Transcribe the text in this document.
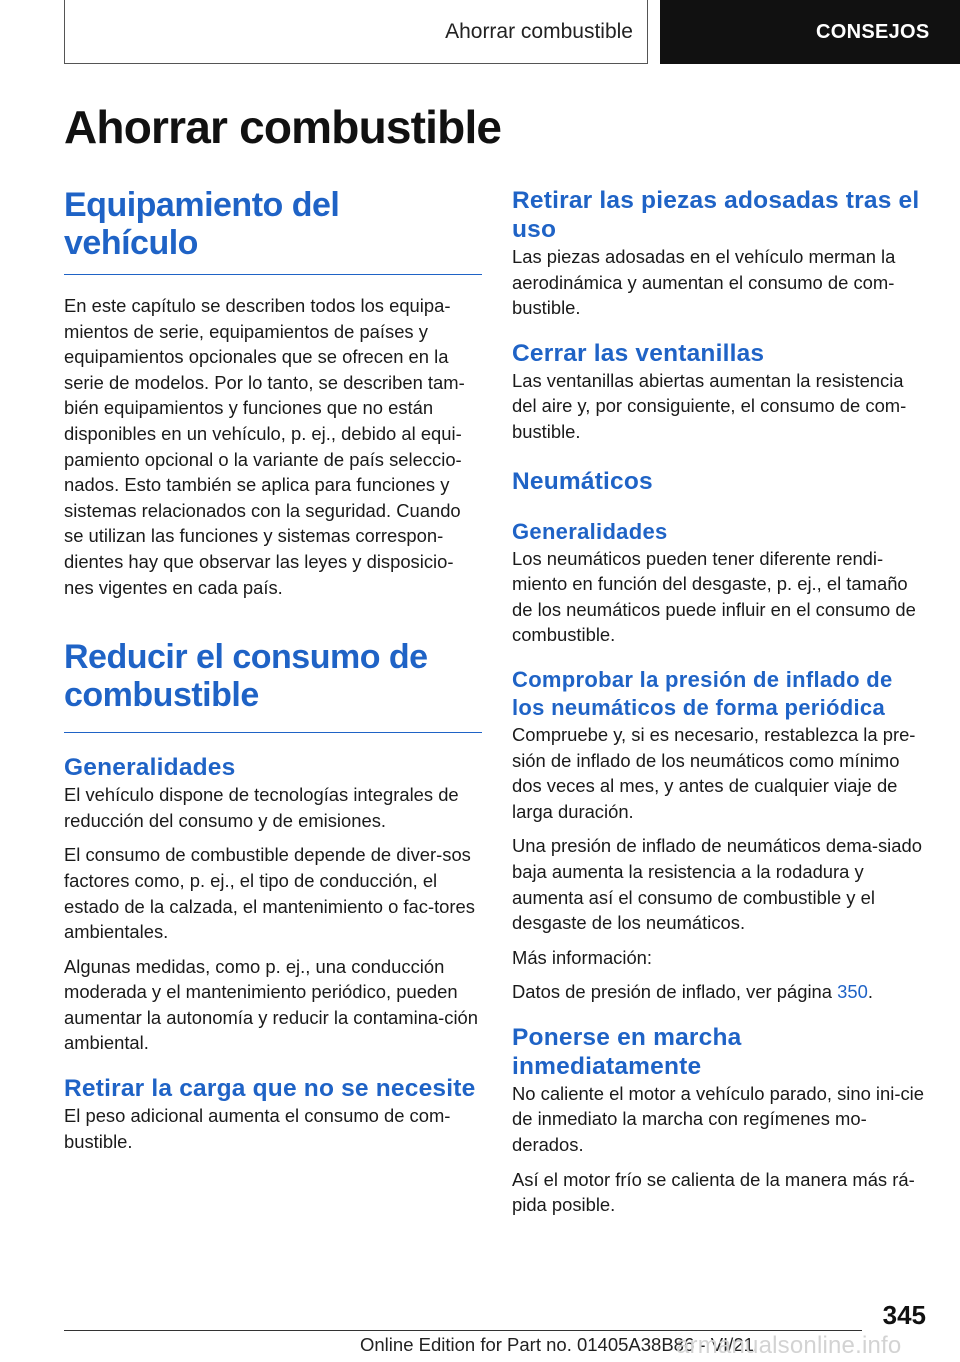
Ahorrar combustible	CONSEJOS
Ahorrar combustible
Equipamiento del vehículo

En este capítulo se describen todos los equipa-mientos de serie, equipamientos de países y equipamientos opcionales que se ofrecen en la serie de modelos. Por lo tanto, se describen tam-bién equipamientos y funciones que no están disponibles en un vehículo, p. ej., debido al equi-pamiento opcional o la variante de país seleccio-nados. Esto también se aplica para funciones y sistemas relacionados con la seguridad. Cuando se utilizan las funciones y sistemas correspon-dientes hay que observar las leyes y disposicio-nes vigentes en cada país.

Reducir el consumo de combustible
Generalidades

El vehículo dispone de tecnologías integrales de reducción del consumo y de emisiones.

El consumo de combustible depende de diver-sos factores como, p. ej., el tipo de conducción, el estado de la calzada, el mantenimiento o fac-tores ambientales.

Algunas medidas, como p. ej., una conducción moderada y el mantenimiento periódico, pueden aumentar la autonomía y reducir la contamina-ción ambiental.

Retirar la carga que no se necesite

El peso adicional aumenta el consumo de com-bustible.

Retirar las piezas adosadas tras el uso

Las piezas adosadas en el vehículo merman la aerodinámica y aumentan el consumo de com-bustible.

Cerrar las ventanillas

Las ventanillas abiertas aumentan la resistencia del aire y, por consiguiente, el consumo de com-bustible.

Neumáticos
Generalidades

Los neumáticos pueden tener diferente rendi-miento en función del desgaste, p. ej., el tamaño de los neumáticos puede influir en el consumo de combustible.

Comprobar la presión de inflado de los neumáticos de forma periódica

Compruebe y, si es necesario, restablezca la pre-sión de inflado de los neumáticos como mínimo dos veces al mes, y antes de cualquier viaje de larga duración.

Una presión de inflado de neumáticos dema-siado baja aumenta la resistencia a la rodadura y aumenta así el consumo de combustible y el desgaste de los neumáticos.

Más información:

Datos de presión de inflado, ver página 350.

Ponerse en marcha inmediatamente

No caliente el motor a vehículo parado, sino ini-cie de inmediato la marcha con regímenes mo-derados.

Así el motor frío se calienta de la manera más rá-pida posible.

345
Online Edition for Part no. 01405A38B86 - VI/21
armanualsonline.info
